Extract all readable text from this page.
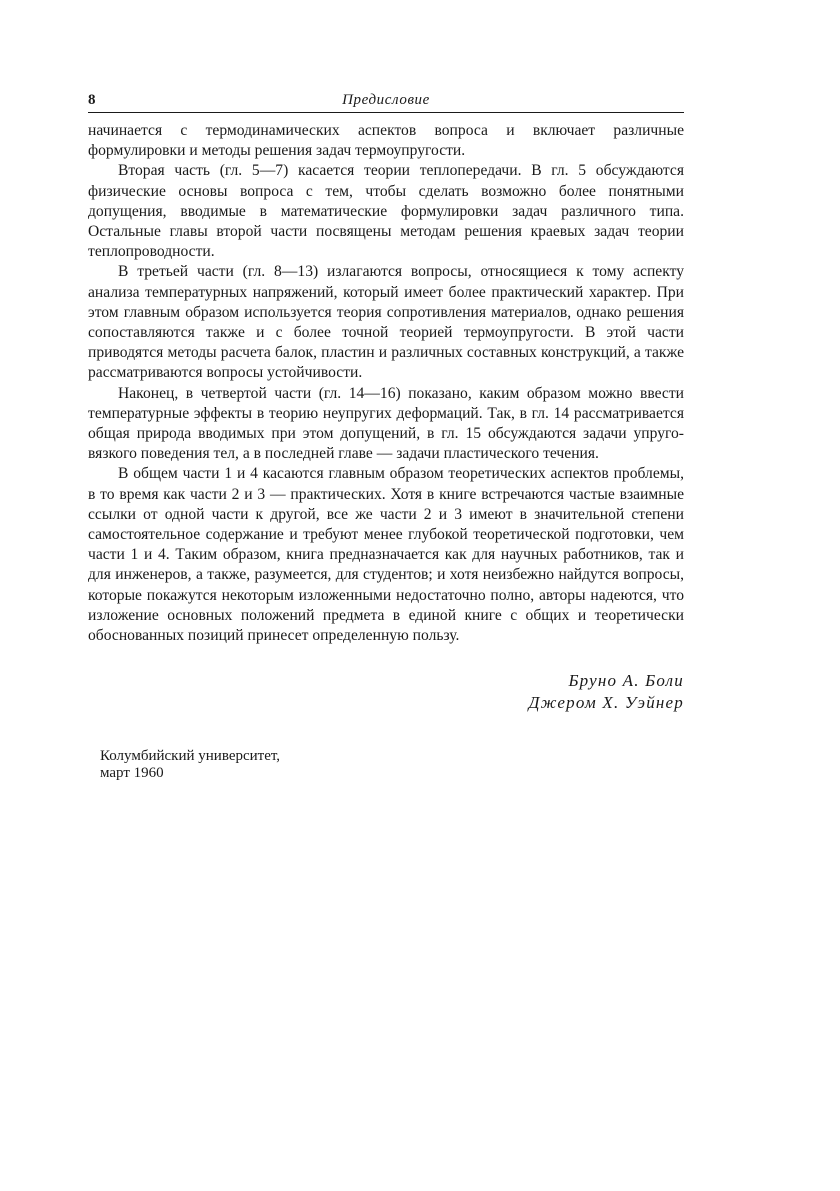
8	Предисловие

начинается с термодинамических аспектов вопроса и включает различные формулировки и методы решения задач термоупругости.

Вторая часть (гл. 5—7) касается теории теплопередачи. В гл. 5 обсуждаются физические основы вопроса с тем, чтобы сделать возможно более понятными допущения, вводимые в математические формулировки задач различного типа. Остальные главы второй части посвящены методам решения краевых задач теории теплопроводности.

В третьей части (гл. 8—13) излагаются вопросы, относящиеся к тому аспекту анализа температурных напряжений, который имеет более практический характер. При этом главным образом используется теория сопротивления материалов, однако решения сопоставляются также и с более точной теорией термоупругости. В этой части приводятся методы расчета балок, пластин и различных составных конструкций, а также рассматриваются вопросы устойчивости.

Наконец, в четвертой части (гл. 14—16) показано, каким образом можно ввести температурные эффекты в теорию неупругих деформаций. Так, в гл. 14 рассматривается общая природа вводимых при этом допущений, в гл. 15 обсуждаются задачи упруго-вязкого поведения тел, а в последней главе — задачи пластического течения.

В общем части 1 и 4 касаются главным образом теоретических аспектов проблемы, в то время как части 2 и 3 — практических. Хотя в книге встречаются частые взаимные ссылки от одной части к другой, все же части 2 и 3 имеют в значительной степени самостоятельное содержание и требуют менее глубокой теоретической подготовки, чем части 1 и 4. Таким образом, книга предназначается как для научных работников, так и для инженеров, а также, разумеется, для студентов; и хотя неизбежно найдутся вопросы, которые покажутся некоторым изложенными недостаточно полно, авторы надеются, что изложение основных положений предмета в единой книге с общих и теоретически обоснованных позиций принесет определенную пользу.

Бруно А. Боли
Джером Х. Уэйнер
Колумбийский университет,
март 1960
